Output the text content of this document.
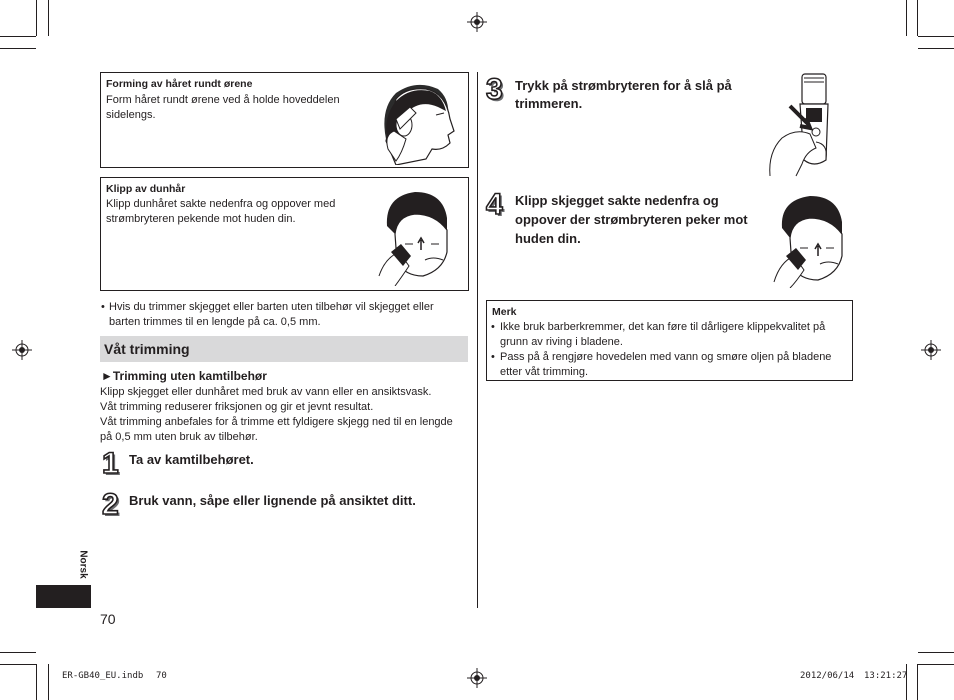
Forming av håret rundt ørene
Form håret rundt ørene ved å holde hoveddelen
sidelengs.
Klipp av dunhår
Klipp dunhåret sakte nedenfra og oppover med
strømbryteren pekende mot huden din.
• Hvis du trimmer skjegget eller barten uten tilbehør vil skjegget eller
barten trimmes til en lengde på ca. 0,5 mm.
Våt trimming
►Trimming uten kamtilbehør
Klipp skjegget eller dunhåret med bruk av vann eller en ansiktsvask.
Våt trimming reduserer friksjonen og gir et jevnt resultat.
Våt trimming anbefales for å trimme ett fyldigere skjegg ned til en lengde
på 0,5 mm uten bruk av tilbehør.
1 Ta av kamtilbehøret.
2 Bruk vann, såpe eller lignende på ansiktet ditt.
3 Trykk på strømbryteren for å slå på
trimmeren.
4 Klipp skjegget sakte nedenfra og
oppover der strømbryteren peker mot
huden din.
Merk
• Ikke bruk barberkremmer, det kan føre til dårligere klippekvalitet på
grunn av riving i bladene.
• Pass på å rengjøre hovedelen med vann og smøre oljen på bladene
etter våt trimming.
Norsk
70
ER-GB40_EU.indb 70	2012/06/14 13:21:27
